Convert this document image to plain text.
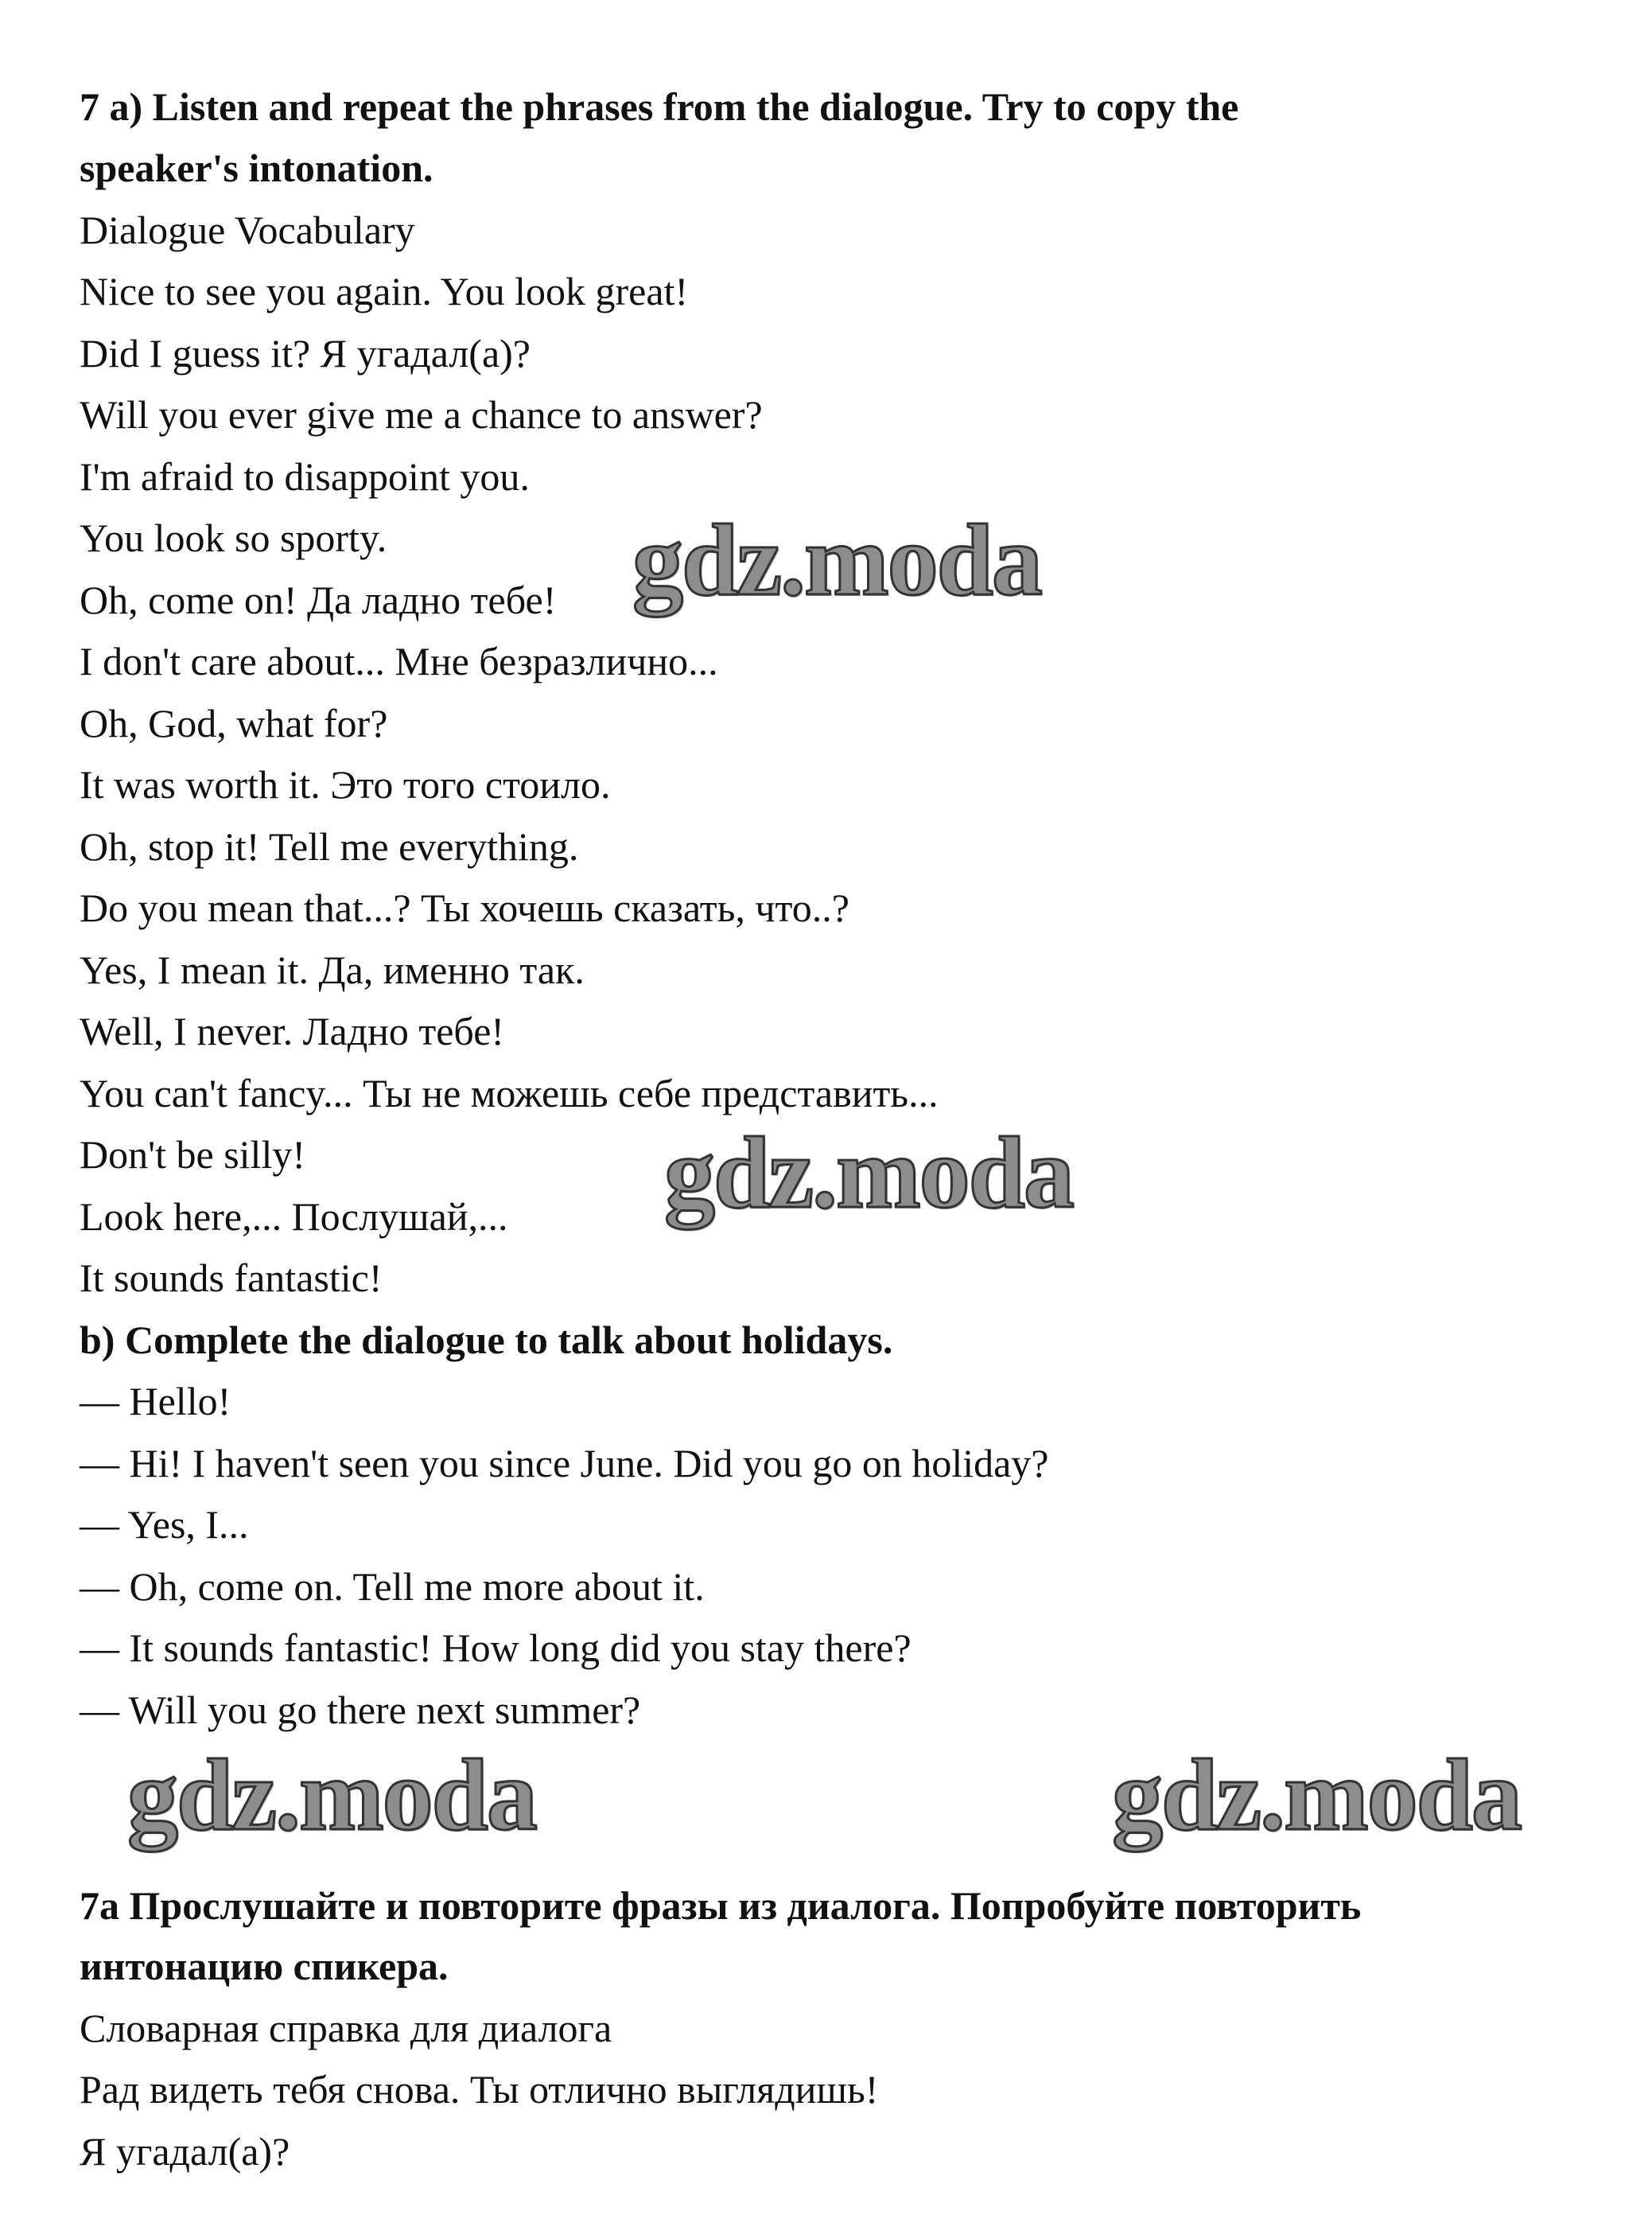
7 a) Listen and repeat the phrases from the dialogue. Try to copy the
speaker's intonation.
Dialogue Vocabulary
Nice to see you again. You look great!
Did I guess it? Я угадал(а)?
Will you ever give me a chance to answer?
I'm afraid to disappoint you.
You look so sporty.
Oh, come on! Да ладно тебе!
I don't care about... Мне безразлично...
Oh, God, what for?
It was worth it. Это того стоило.
Oh, stop it! Tell me everything.
Do you mean that...? Ты хочешь сказать, что..?
Yes, I mean it. Да, именно так.
Well, I never. Ладно тебе!
You can't fancy... Ты не можешь себе представить...
Don't be silly!
Look here,... Послушай,...
It sounds fantastic!
b) Complete the dialogue to talk about holidays.
— Hello!
— Hi! I haven't seen you since June. Did you go on holiday?
— Yes, I...
— Oh, come on. Tell me more about it.
— It sounds fantastic! How long did you stay there?
— Will you go there next summer?
7a Прослушайте и повторите фразы из диалога. Попробуйте повторить
интонацию спикера.
Словарная справка для диалога
Рад видеть тебя снова. Ты отлично выглядишь!
Я угадал(а)?
gdz.moda
gdz.moda
gdz.moda	gdz.moda
